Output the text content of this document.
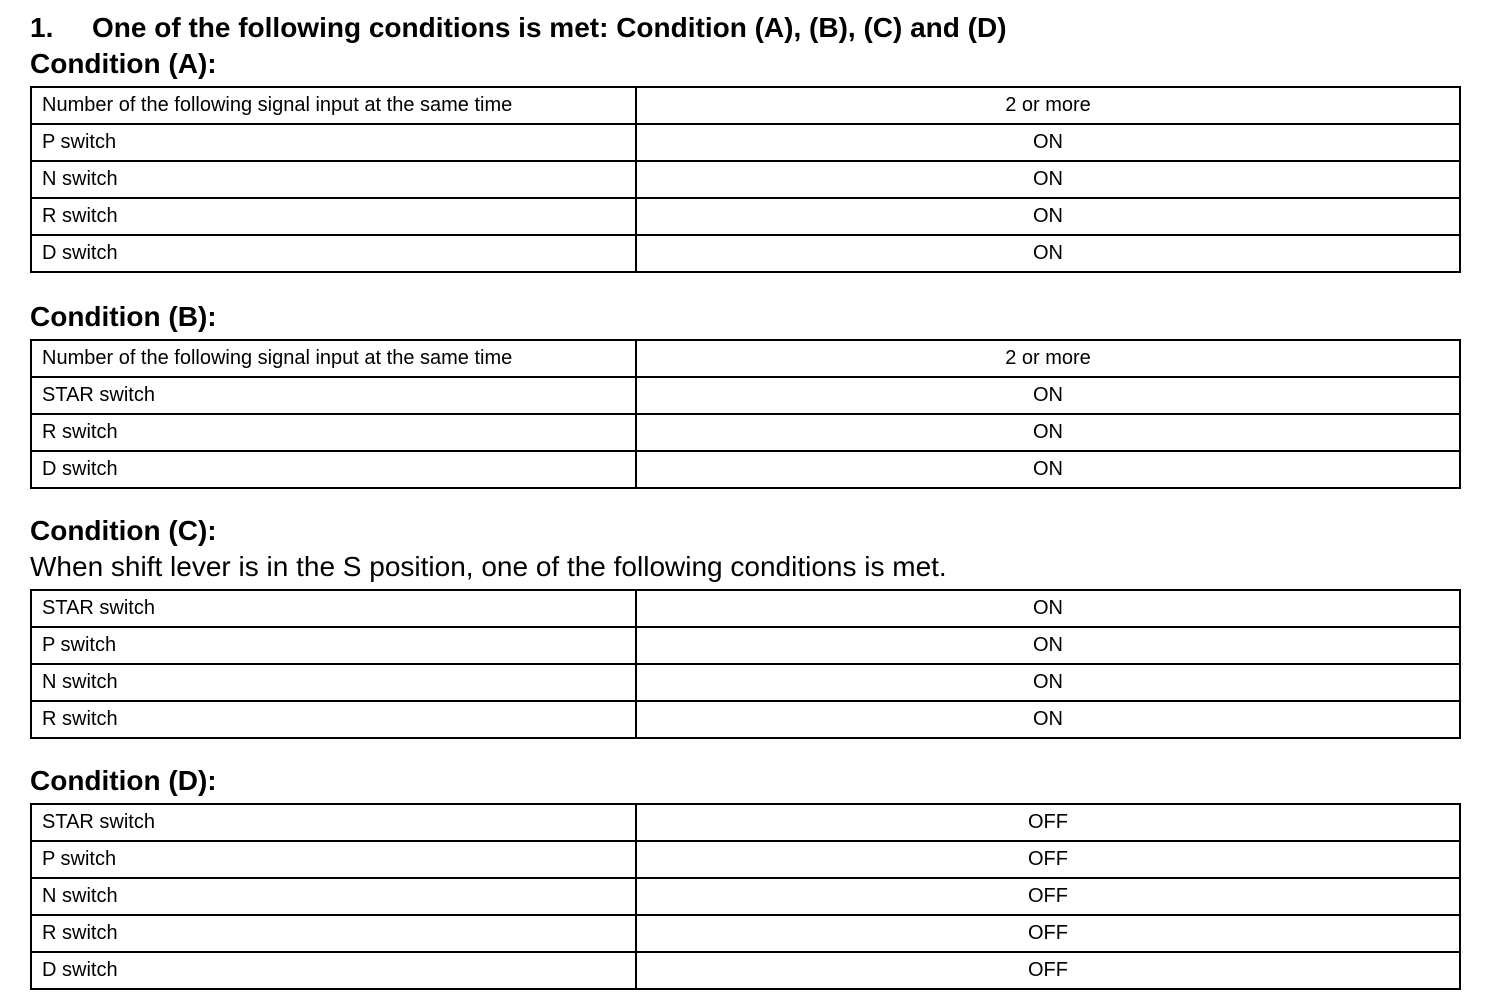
1. One of the following conditions is met: Condition (A), (B), (C) and (D)
Condition (A):
Number of the following signal input at the same time	2 or more
P switch	ON
N switch	ON
R switch	ON
D switch	ON
Condition (B):
Number of the following signal input at the same time	2 or more
STAR switch	ON
R switch	ON
D switch	ON
Condition (C):
When shift lever is in the S position, one of the following conditions is met.
STAR switch	ON
P switch	ON
N switch	ON
R switch	ON
Condition (D):
STAR switch	OFF
P switch	OFF
N switch	OFF
R switch	OFF
D switch	OFF
